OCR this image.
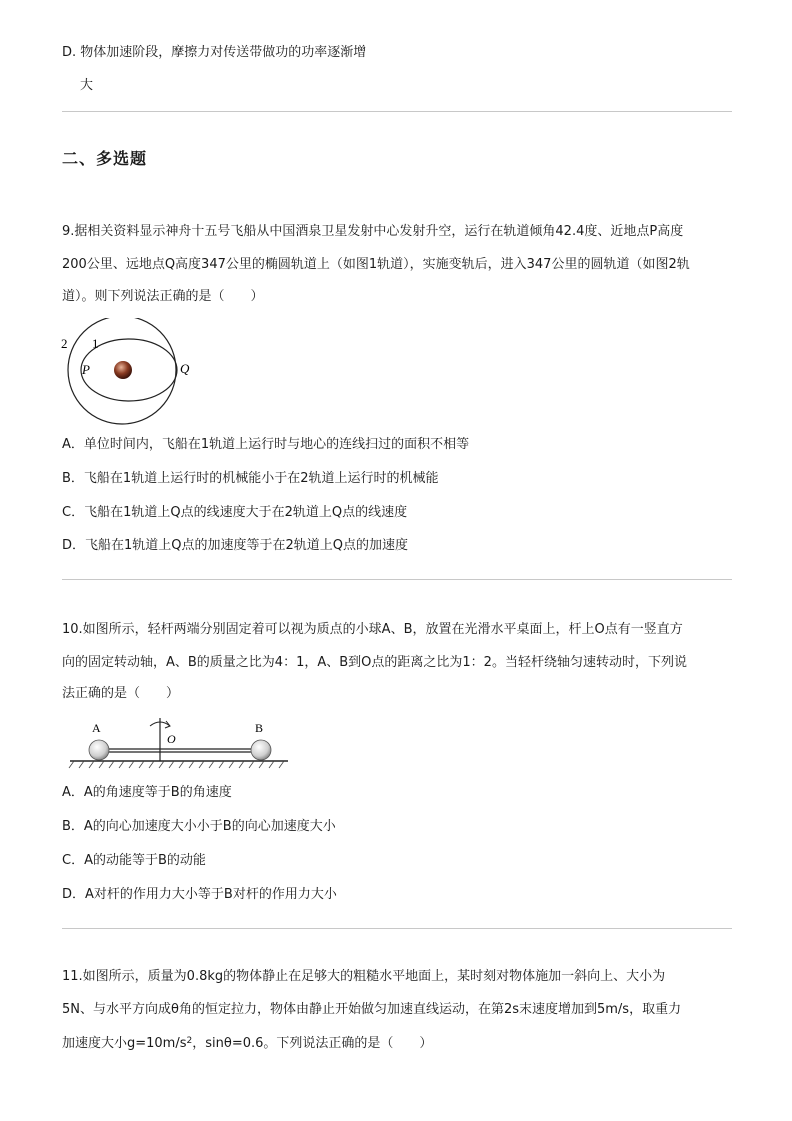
D. 物体加速阶段，摩擦力对传送带做功的功率逐渐增
大
二、多选题
9.据相关资料显示神舟十五号飞船从中国酒泉卫星发射中心发射升空，运行在轨道倾角42.4度、近地点P高度
200公里、远地点Q高度347公里的椭圆轨道上（如图1轨道），实施变轨后，进入347公里的圆轨道（如图2轨
道）。则下列说法正确的是（　　）
2 1
P	Q
A．单位时间内，飞船在1轨道上运行时与地心的连线扫过的面积不相等
B．飞船在1轨道上运行时的机械能小于在2轨道上运行时的机械能
C．飞船在1轨道上Q点的线速度大于在2轨道上Q点的线速度
D．飞船在1轨道上Q点的加速度等于在2轨道上Q点的加速度
10.如图所示，轻杆两端分别固定着可以视为质点的小球A、B，放置在光滑水平桌面上，杆上O点有一竖直方
向的固定转动轴，A、B的质量之比为4：1，A、B到O点的距离之比为1：2。当轻杆绕轴匀速转动时，下列说
法正确的是（　　）
A	B
O
A．A的角速度等于B的角速度
B．A的向心加速度大小小于B的向心加速度大小
C．A的动能等于B的动能
D．A对杆的作用力大小等于B对杆的作用力大小
11.如图所示，质量为0.8kg的物体静止在足够大的粗糙水平地面上，某时刻对物体施加一斜向上、大小为
5N、与水平方向成θ角的恒定拉力，物体由静止开始做匀加速直线运动，在第2s末速度增加到5m/s，取重力
加速度大小$g=10m/s^2$，sinθ=0.6。下列说法正确的是（　　）
